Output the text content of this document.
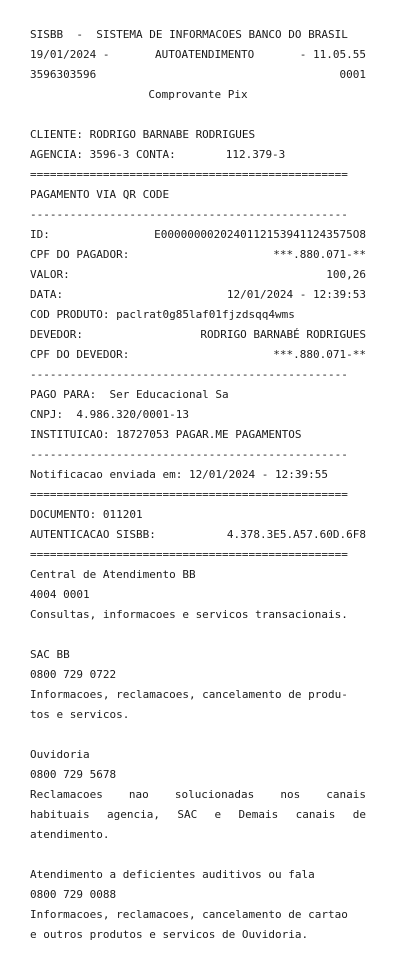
SISBB  -  SISTEMA DE INFORMACOES BANCO DO BRASIL
19/01/2024 -	AUTOATENDIMENTO	- 11.05.55
3596303596	0001
Comprovante Pix
CLIENTE: RODRIGO BARNABE RODRIGUES
AGENCIA: 3596-3 CONTA:	112.379-3
================================================
PAGAMENTO VIA QR CODE
------------------------------------------------
ID:	E00000000202401121539411243575O8
CPF DO PAGADOR:	***.880.071-**
VALOR:	100,26
DATA:	12/01/2024 - 12:39:53
COD PRODUTO: paclrat0g85laf01fjzdsqq4wms
DEVEDOR:	RODRIGO BARNABÉ RODRIGUES
CPF DO DEVEDOR:	***.880.071-**
------------------------------------------------
PAGO PARA:  Ser Educacional Sa
CNPJ:  4.986.320/0001-13
INSTITUICAO: 18727053 PAGAR.ME PAGAMENTOS
------------------------------------------------
Notificacao enviada em: 12/01/2024 - 12:39:55
================================================
DOCUMENTO: 011201
AUTENTICACAO SISBB:	4.378.3E5.A57.60D.6F8
================================================
Central de Atendimento BB
4004 0001
Consultas, informacoes e servicos transacionais.
SAC BB
0800 729 0722
Informacoes, reclamacoes, cancelamento de produ-
tos e servicos.
Ouvidoria
0800 729 5678
Reclamacoes nao solucionadas nos canais
habituais agencia, SAC e Demais canais de
atendimento.
Atendimento a deficientes auditivos ou fala
0800 729 0088
Informacoes, reclamacoes, cancelamento de cartao
e outros produtos e servicos de Ouvidoria.
